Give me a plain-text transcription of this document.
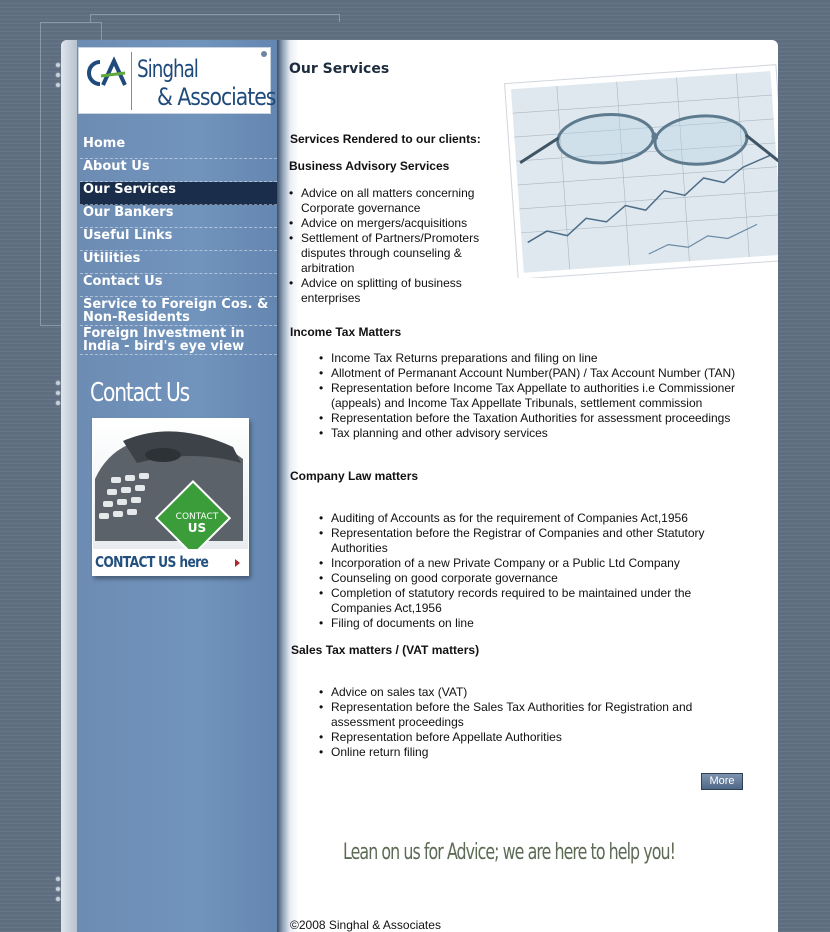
Singhal
& Associates
Home
About Us
Our Services
Our Bankers
Useful Links
Utilities
Contact Us
Service to Foreign Cos. & Non-Residents
Foreign Investment in India - bird's eye view
Contact Us
CONTACT
US
CONTACT US here
Our Services
Services Rendered to our clients:
Business Advisory Services
• Advice on all matters concerning Corporate governance
• Advice on mergers/acquisitions
• Settlement of Partners/Promoters disputes through counseling & arbitration
• Advice on splitting of business enterprises
Income Tax Matters
• Income Tax Returns preparations and filing on line
• Allotment of Permanant Account Number(PAN) / Tax Account Number (TAN)
• Representation before Income Tax Appellate to authorities i.e Commissioner (appeals) and Income Tax Appellate Tribunals, settlement commission
• Representation before the Taxation Authorities for assessment proceedings
• Tax planning and other advisory services
Company Law matters
• Auditing of Accounts as for the requirement of Companies Act,1956
• Representation before the Registrar of Companies and other Statutory Authorities
• Incorporation of a new Private Company or a Public Ltd Company
• Counseling on good corporate governance
• Completion of statutory records required to be maintained under the Companies Act,1956
• Filing of documents on line
Sales Tax matters / (VAT matters)
• Advice on sales tax (VAT)
• Representation before the Sales Tax Authorities for Registration and assessment proceedings
• Representation before Appellate Authorities
• Online return filing
More
Lean on us for Advice; we are here to help you!
©2008 Singhal & Associates
